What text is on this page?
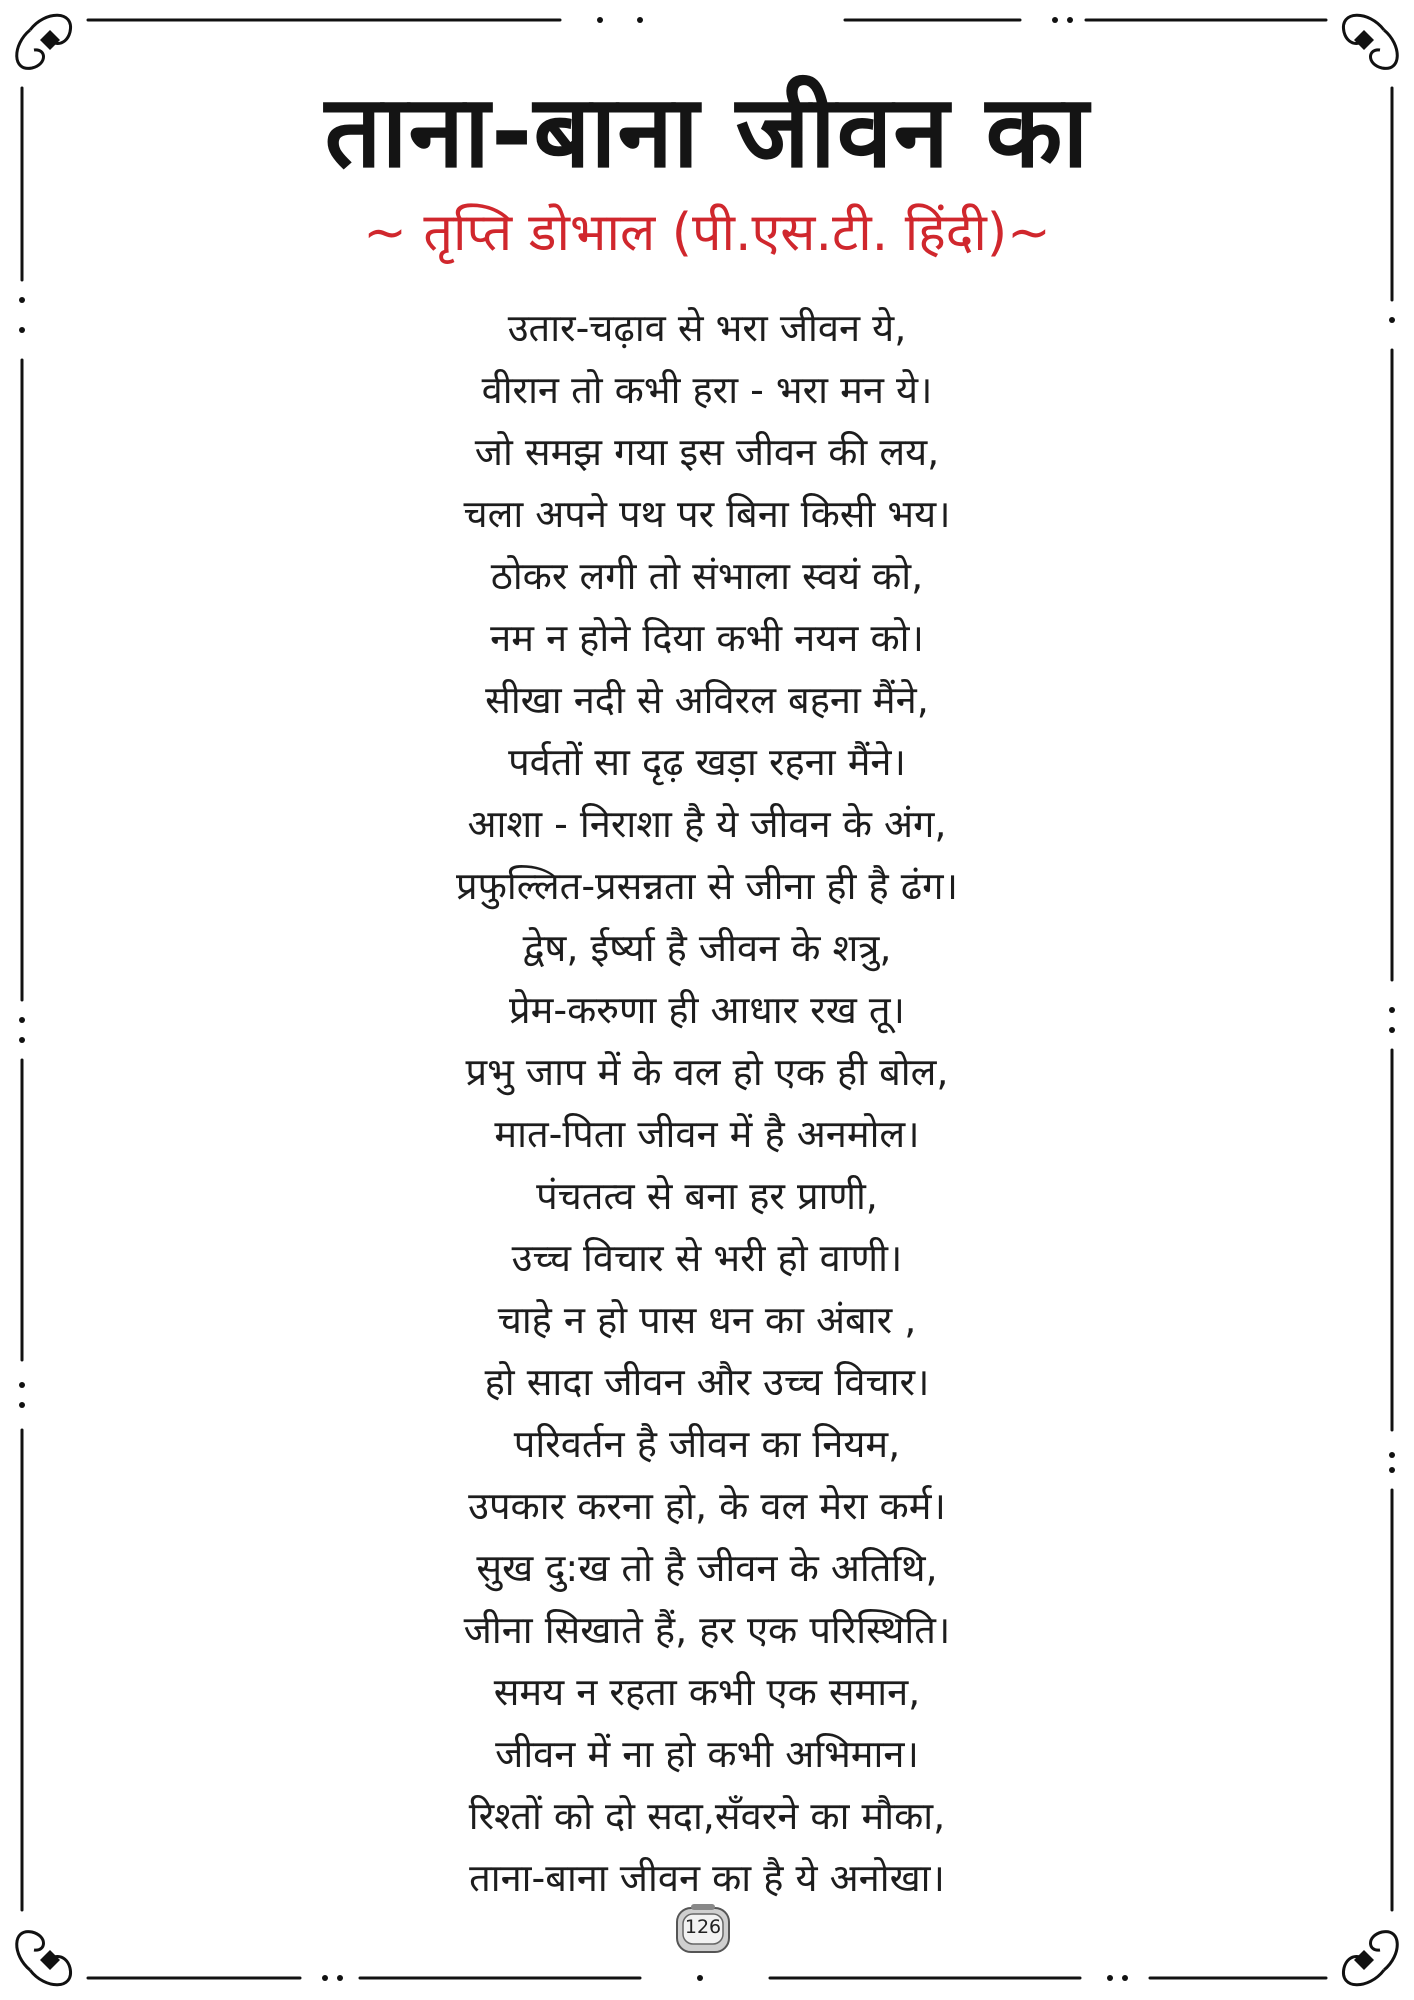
ताना-बाना जीवन का
~ तृप्ति डोभाल (पी.एस.टी. हिंदी)~
उतार-चढ़ाव से भरा जीवन ये,
वीरान तो कभी हरा - भरा मन ये।
जो समझ गया इस जीवन की लय,
चला अपने पथ पर बिना किसी भय।
ठोकर लगी तो संभाला स्वयं को,
नम न होने दिया कभी नयन को।
सीखा नदी से अविरल बहना मैंने,
पर्वतों सा दृढ़ खड़ा रहना मैंने।
आशा - निराशा है ये जीवन के अंग,
प्रफुल्लित-प्रसन्नता से जीना ही है ढंग।
द्वेष, ईर्ष्या है जीवन के शत्रु,
प्रेम-करुणा ही आधार रख तू।
प्रभु जाप में के वल हो एक ही बोल,
मात-पिता जीवन में है अनमोल।
पंचतत्व से बना हर प्राणी,
उच्च विचार से भरी हो वाणी।
चाहे न हो पास धन का अंबार ,
हो सादा जीवन और उच्च विचार।
परिवर्तन है जीवन का नियम,
उपकार करना हो, के वल मेरा कर्म।
सुख दु:ख तो है जीवन के अतिथि,
जीना सिखाते हैं, हर एक परिस्थिति।
समय न रहता कभी एक समान,
जीवन में ना हो कभी अभिमान।
रिश्तों को दो सदा,सँवरने का मौका,
ताना-बाना जीवन का है ये अनोखा।
126
